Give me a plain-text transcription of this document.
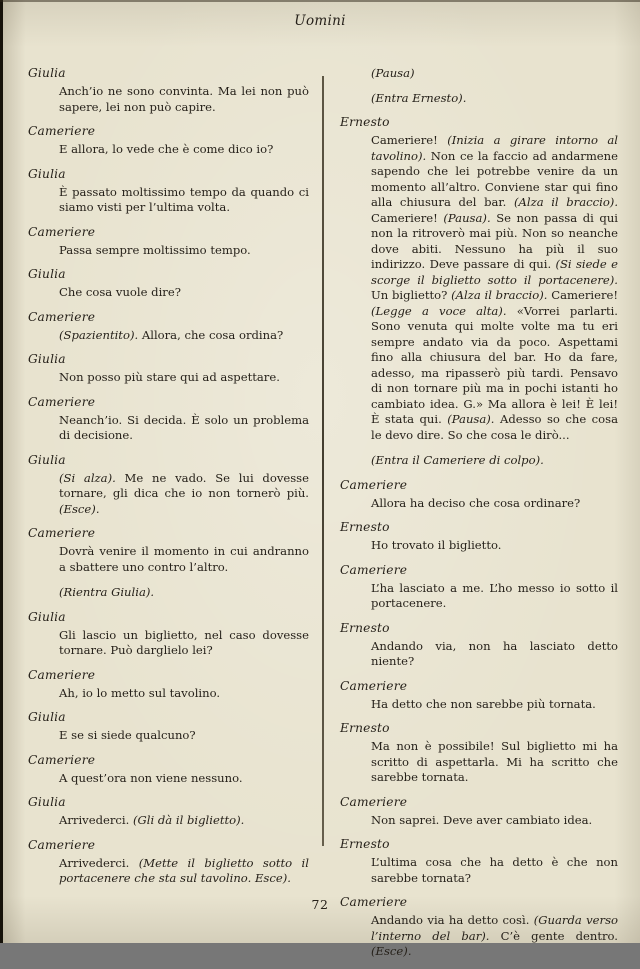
Uomini
Giulia

Anch’io ne sono convinta. Ma lei non può sapere, lei non può capire.

Cameriere

E allora, lo vede che è come dico io?

Giulia

È passato moltissimo tempo da quando ci siamo visti per l’ultima volta.

Cameriere

Passa sempre moltissimo tempo.

Giulia

Che cosa vuole dire?

Cameriere

(Spazientito). Allora, che cosa ordina?

Giulia

Non posso più stare qui ad aspettare.

Cameriere

Neanch’io. Si decida. È solo un problema di decisione.

Giulia

(Si alza). Me ne vado. Se lui dovesse tornare, gli dica che io non tornerò più. (Esce).

Cameriere

Dovrà venire il momento in cui andranno a sbattere uno contro l’altro.

(Rientra Giulia).

Giulia

Gli lascio un biglietto, nel caso dovesse tornare. Può darglielo lei?

Cameriere

Ah, io lo metto sul tavolino.

Giulia

E se si siede qualcuno?

Cameriere

A quest’ora non viene nessuno.

Giulia

Arrivederci. (Gli dà il biglietto).

Cameriere

Arrivederci. (Mette il biglietto sotto il portacenere che sta sul tavolino. Esce).

(Pausa)

(Entra Ernesto).

Ernesto

Cameriere! (Inizia a girare intorno al tavolino). Non ce la faccio ad andarmene sapendo che lei potrebbe venire da un momento all’altro. Conviene star qui fino alla chiusura del bar. (Alza il braccio). Cameriere! (Pausa). Se non passa di qui non la ritroverò mai più. Non so neanche dove abiti. Nessuno ha più il suo indirizzo. Deve passare di qui. (Si siede e scorge il biglietto sotto il portacenere). Un biglietto? (Alza il braccio). Cameriere! (Legge a voce alta). «Vorrei parlarti. Sono venuta qui molte volte ma tu eri sempre andato via da poco. Aspettami fino alla chiusura del bar. Ho da fare, adesso, ma ripasserò più tardi. Pensavo di non tornare più ma in pochi istanti ho cambiato idea. G.» Ma allora è lei! È lei! È stata qui. (Pausa). Adesso so che cosa le devo dire. So che cosa le dirò...

(Entra il Cameriere di colpo).

Cameriere

Allora ha deciso che cosa ordinare?

Ernesto

Ho trovato il biglietto.

Cameriere

L’ha lasciato a me. L’ho messo io sotto il portacenere.

Ernesto

Andando via, non ha lasciato detto niente?

Cameriere

Ha detto che non sarebbe più tornata.

Ernesto

Ma non è possibile! Sul biglietto mi ha scritto di aspettarla. Mi ha scritto che sarebbe tornata.

Cameriere

Non saprei. Deve aver cambiato idea.

Ernesto

L’ultima cosa che ha detto è che non sarebbe tornata?

Cameriere

Andando via ha detto così. (Guarda verso l’interno del bar). C’è gente dentro. (Esce).

72
